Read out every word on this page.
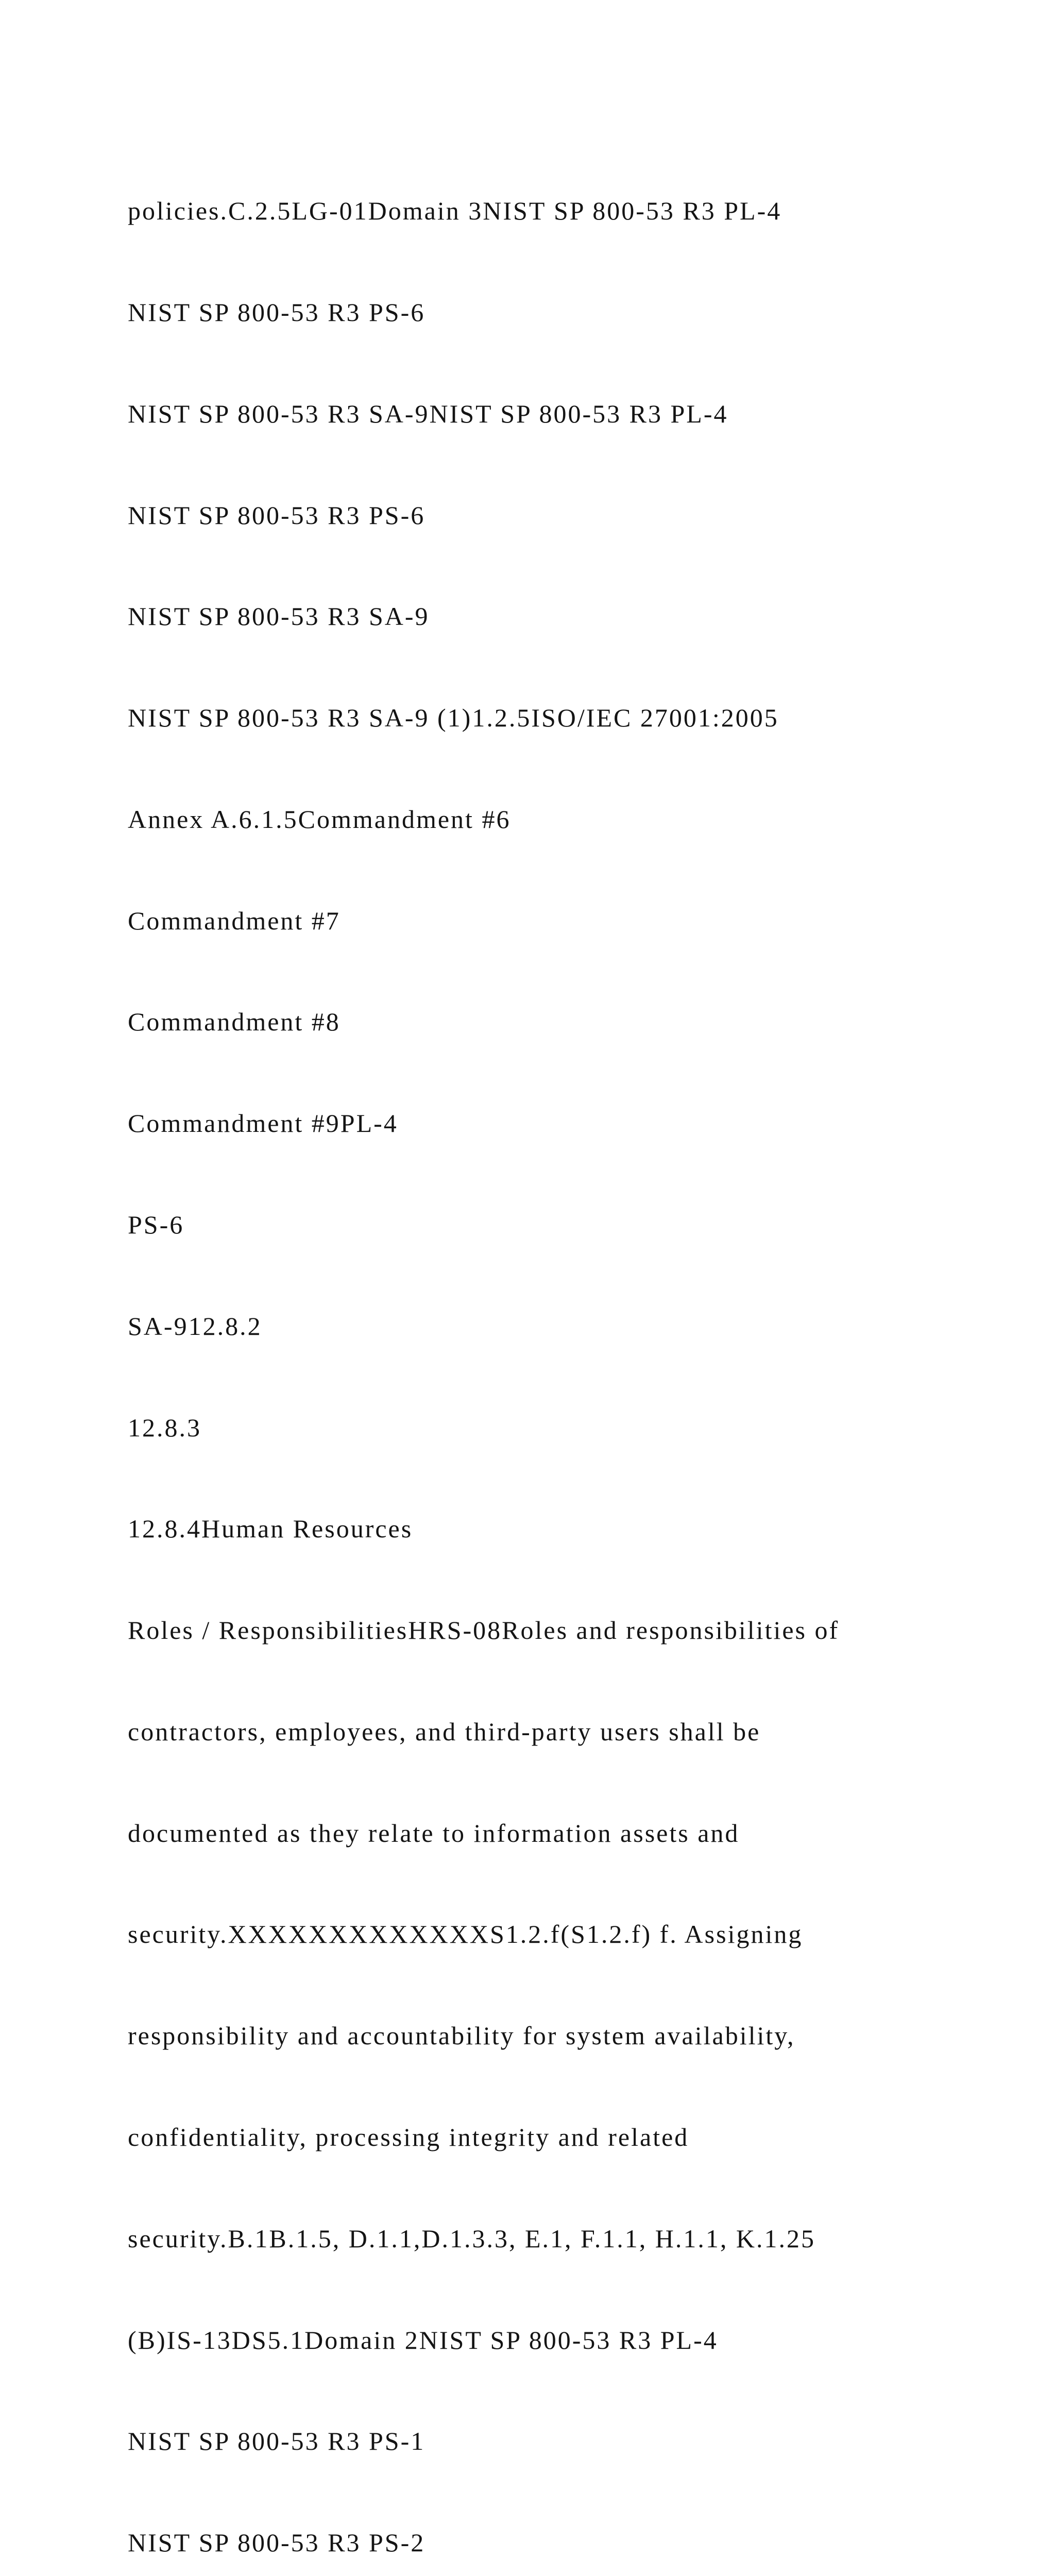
policies.C.2.5LG-01Domain 3NIST SP 800-53 R3 PL-4

NIST SP 800-53 R3 PS-6

NIST SP 800-53 R3 SA-9NIST SP 800-53 R3 PL-4

NIST SP 800-53 R3 PS-6

NIST SP 800-53 R3 SA-9

NIST SP 800-53 R3 SA-9 (1)1.2.5ISO/IEC 27001:2005

Annex A.6.1.5Commandment #6

Commandment #7

Commandment #8

Commandment #9PL-4

PS-6

SA-912.8.2

12.8.3

12.8.4Human Resources

Roles / ResponsibilitiesHRS-08Roles and responsibilities of

contractors, employees, and third-party users shall be

documented as they relate to information assets and

security.XXXXXXXXXXXXXS1.2.f(S1.2.f) f. Assigning

responsibility and accountability for system availability,

confidentiality, processing integrity and related

security.B.1B.1.5, D.1.1,D.1.3.3, E.1, F.1.1, H.1.1, K.1.25

(B)IS-13DS5.1Domain 2NIST SP 800-53 R3 PL-4

NIST SP 800-53 R3 PS-1

NIST SP 800-53 R3 PS-2
